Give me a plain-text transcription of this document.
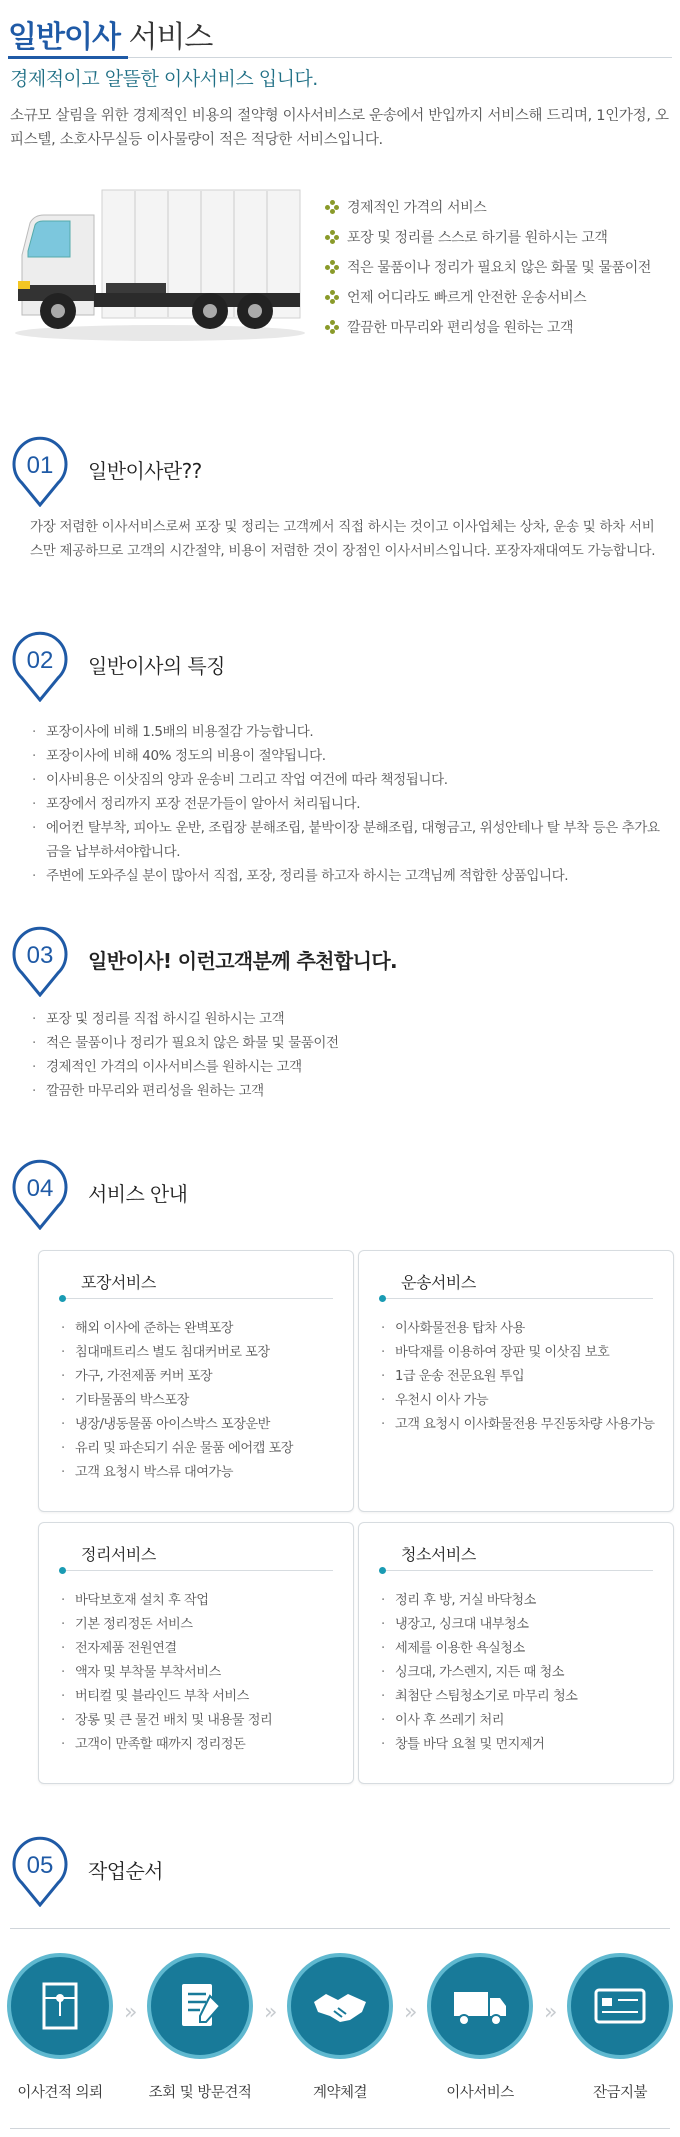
일반이사 서비스
경제적이고 알뜰한 이사서비스 입니다.

소규모 살림을 위한 경제적인 비용의 절약형 이사서비스로 운송에서 반입까지 서비스해 드리며, 1인가정, 오피스텔, 소호사무실등 이사물량이 적은 적당한 서비스입니다.

경제적인 가격의 서비스
포장 및 정리를 스스로 하기를 원하시는 고객
적은 물품이나 정리가 필요치 않은 화물 및 물품이전
언제 어디라도 빠르게 안전한 운송서비스
깔끔한 마무리와 편리성을 원하는 고객
01 일반이사란??

가장 저렴한 이사서비스로써 포장 및 정리는 고객께서 직접 하시는 것이고 이사업체는 상차, 운송 및 하차 서비스만 제공하므로 고객의 시간절약, 비용이 저렴한 것이 장점인 이사서비스입니다. 포장자재대여도 가능합니다.

02 일반이사의 특징
· 포장이사에 비해 1.5배의 비용절감 가능합니다.
· 포장이사에 비해 40% 정도의 비용이 절약됩니다.
· 이사비용은 이삿짐의 양과 운송비 그리고 작업 여건에 따라 책정됩니다.
· 포장에서 정리까지 포장 전문가들이 알아서 처리됩니다.
· 에어컨 탈부착, 피아노 운반, 조립장 분해조립, 붙박이장 분해조립, 대형금고, 위성안테나 탈 부착 등은 추가요금을 납부하셔야합니다.
· 주변에 도와주실 분이 많아서 직접, 포장, 정리를 하고자 하시는 고객님께 적합한 상품입니다.
03 일반이사! 이런고객분께 추천합니다.
· 포장 및 정리를 직접 하시길 원하시는 고객
· 적은 물품이나 정리가 필요치 않은 화물 및 물품이전
· 경제적인 가격의 이사서비스를 원하시는 고객
· 깔끔한 마무리와 편리성을 원하는 고객
04 서비스 안내
포장서비스
· 해외 이사에 준하는 완벽포장
· 침대매트리스 별도 침대커버로 포장
· 가구, 가전제품 커버 포장
· 기타물품의 박스포장
· 냉장/냉동물품 아이스박스 포장운반
· 유리 및 파손되기 쉬운 물품 에어캡 포장
· 고객 요청시 박스류 대여가능
운송서비스
· 이사화물전용 탑차 사용
· 바닥재를 이용하여 장판 및 이삿짐 보호
· 1급 운송 전문요원 투입
· 우천시 이사 가능
· 고객 요청시 이사화물전용 무진동차량 사용가능
정리서비스
· 바닥보호재 설치 후 작업
· 기본 정리정돈 서비스
· 전자제품 전원연결
· 액자 및 부착물 부착서비스
· 버티컬 및 블라인드 부착 서비스
· 장롱 및 큰 물건 배치 및 내용물 정리
· 고객이 만족할 때까지 정리정돈
청소서비스
· 정리 후 방, 거실 바닥청소
· 냉장고, 싱크대 내부청소
· 세제를 이용한 욕실청소
· 싱크대, 가스렌지, 지든 때 청소
· 최첨단 스팀청소기로 마무리 청소
· 이사 후 쓰레기 처리
· 창틀 바닥 요철 및 먼지제거
05 작업순서
이사견적 의뢰
»
조회 및 방문견적
»
계약체결
»
이사서비스
»
잔금지불
